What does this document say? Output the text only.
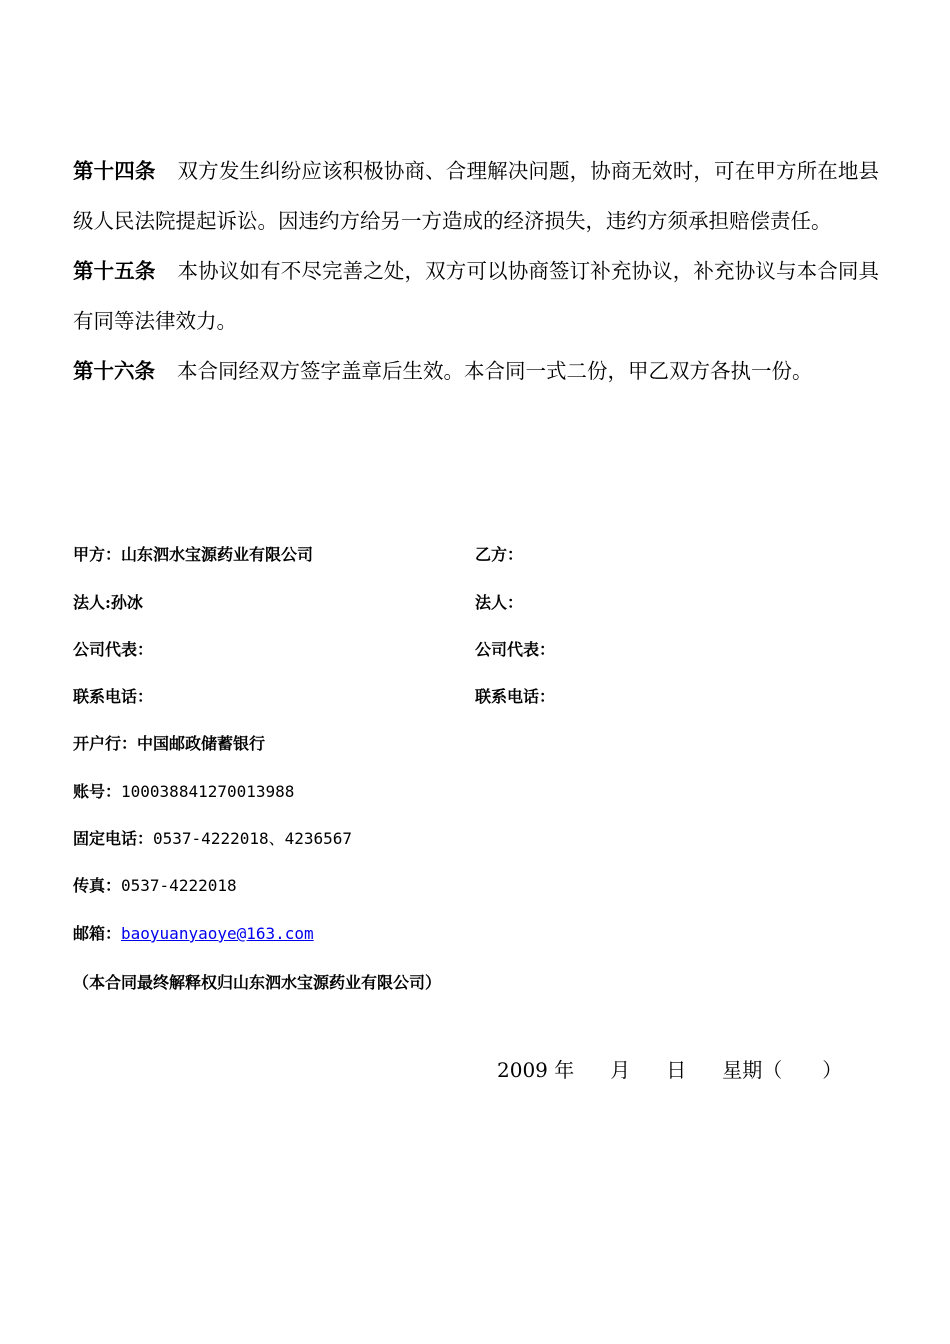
第十四条 双方发生纠纷应该积极协商、合理解决问题，协商无效时，可在甲方所在地县级人民法院提起诉讼。因违约方给另一方造成的经济损失，违约方须承担赔偿责任。

第十五条 本协议如有不尽完善之处，双方可以协商签订补充协议，补充协议与本合同具有同等法律效力。

第十六条 本合同经双方签字盖章后生效。本合同一式二份，甲乙双方各执一份。

甲方：山东泗水宝源药业有限公司	乙方：
法人:孙冰	法人：
公司代表：	公司代表：
联系电话：	联系电话：
开户行：中国邮政储蓄银行
账号：100038841270013988
固定电话：0537-4222018、4236567
传真：0537-4222018
邮箱：baoyuanyaoye@163.com
（本合同最终解释权归山东泗水宝源药业有限公司）
2009 年 月 日 星期（　　）
